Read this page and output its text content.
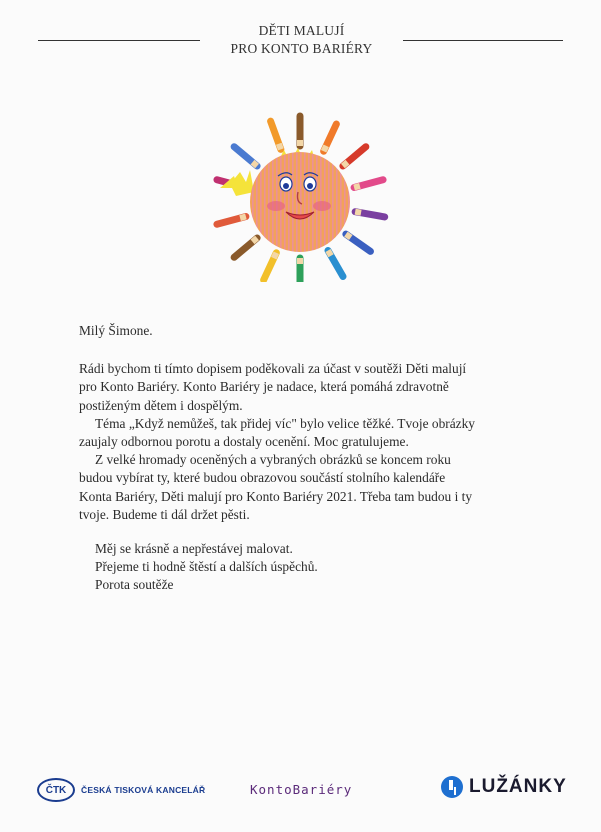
DĚTI MALUJÍ
PRO KONTO BARIÉRY

Milý Šimone.

Rádi bychom ti tímto dopisem poděkovali za účast v soutěži Děti malují

pro Konto Bariéry. Konto Bariéry je nadace, která pomáhá zdravotně

postiženým dětem i dospělým.

Téma „Když nemůžeš, tak přidej víc" bylo velice těžké. Tvoje obrázky

zaujaly odbornou porotu a dostaly ocenění. Moc gratulujeme.

Z velké hromady oceněných a vybraných obrázků se koncem roku

budou vybírat ty, které budou obrazovou součástí stolního kalendáře

Konta Bariéry, Děti malují pro Konto Bariéry 2021. Třeba tam budou i ty

tvoje. Budeme ti dál držet pěsti.

Měj se krásně a nepřestávej malovat.

Přejeme ti hodně štěstí a dalších úspěchů.

Porota soutěže

ČTK	ČESKÁ TISKOVÁ KANCELÁŘ	KontoBariéry	LUŽÁNKY
